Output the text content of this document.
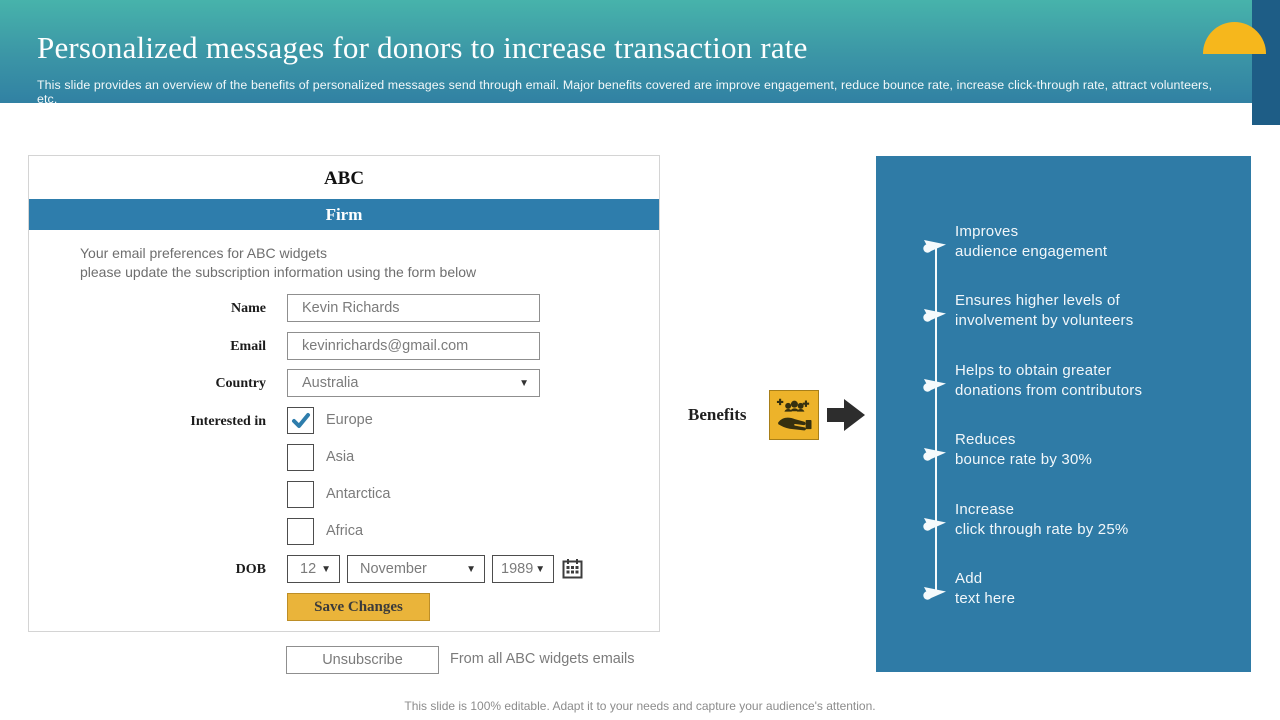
Personalized messages for donors to increase transaction rate
This slide provides an overview of the benefits of personalized messages send through email. Major benefits covered are improve engagement, reduce bounce rate, increase click-through rate, attract volunteers, etc.
ABC
Firm
Your email preferences for ABC widgets
please update the subscription information using the form below
Name Kevin Richards
Email kevinrichards@gmail.com
Country Australia	▼
Interested in	Europe
Asia
Antarctica
Africa
DOB 12 ▼ November	▼ 1989 ▼
Save Changes
Unsubscribe	From all ABC widgets emails
Benefits
Improves
audience engagement
Ensures higher levels of
involvement by volunteers
Helps to obtain greater
donations from contributors
Reduces
bounce rate by 30%
Increase
click through rate by 25%
Add
text here
This slide is 100% editable. Adapt it to your needs and capture your audience's attention.
